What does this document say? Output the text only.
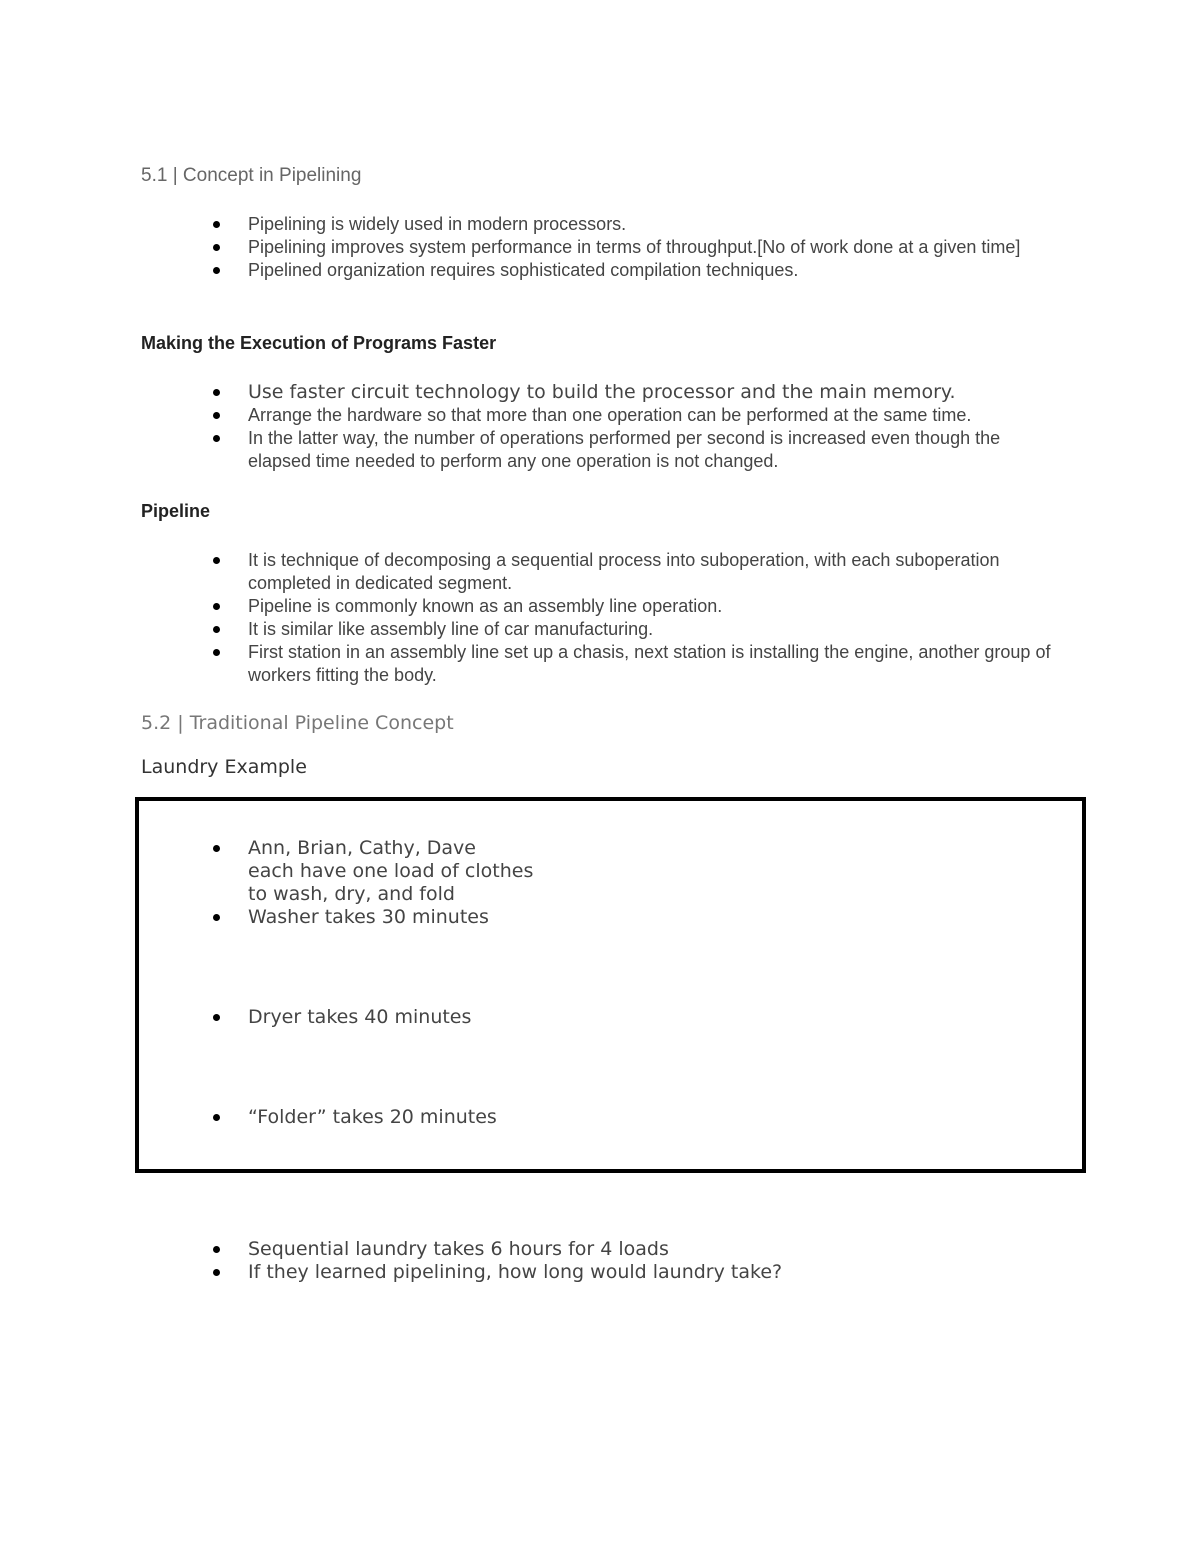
5.1 | Concept in Pipelining
Pipelining is widely used in modern processors.
Pipelining improves system performance in terms of throughput.[No of work done at a given time]
Pipelined organization requires sophisticated compilation techniques.
Making the Execution of Programs Faster
Use faster circuit technology to build the processor and the main memory.
Arrange the hardware so that more than one operation can be performed at the same time.
In the latter way, the number of operations performed per second is increased even though the elapsed time needed to perform any one operation is not changed.
Pipeline
It is technique of decomposing a sequential process into suboperation, with each suboperation completed in dedicated segment.
Pipeline is commonly known as an assembly line operation.
It is similar like assembly line of car manufacturing.
First station in an assembly line set up a chasis, next station is installing the engine, another group of workers fitting the body.
5.2 | Traditional Pipeline Concept
Laundry Example
Ann, Brian, Cathy, Dave
each have one load of clothes
to wash, dry, and fold
Washer takes 30 minutes
Dryer takes 40 minutes
“Folder” takes 20 minutes
Sequential laundry takes 6 hours for 4 loads
If they learned pipelining, how long would laundry take?
